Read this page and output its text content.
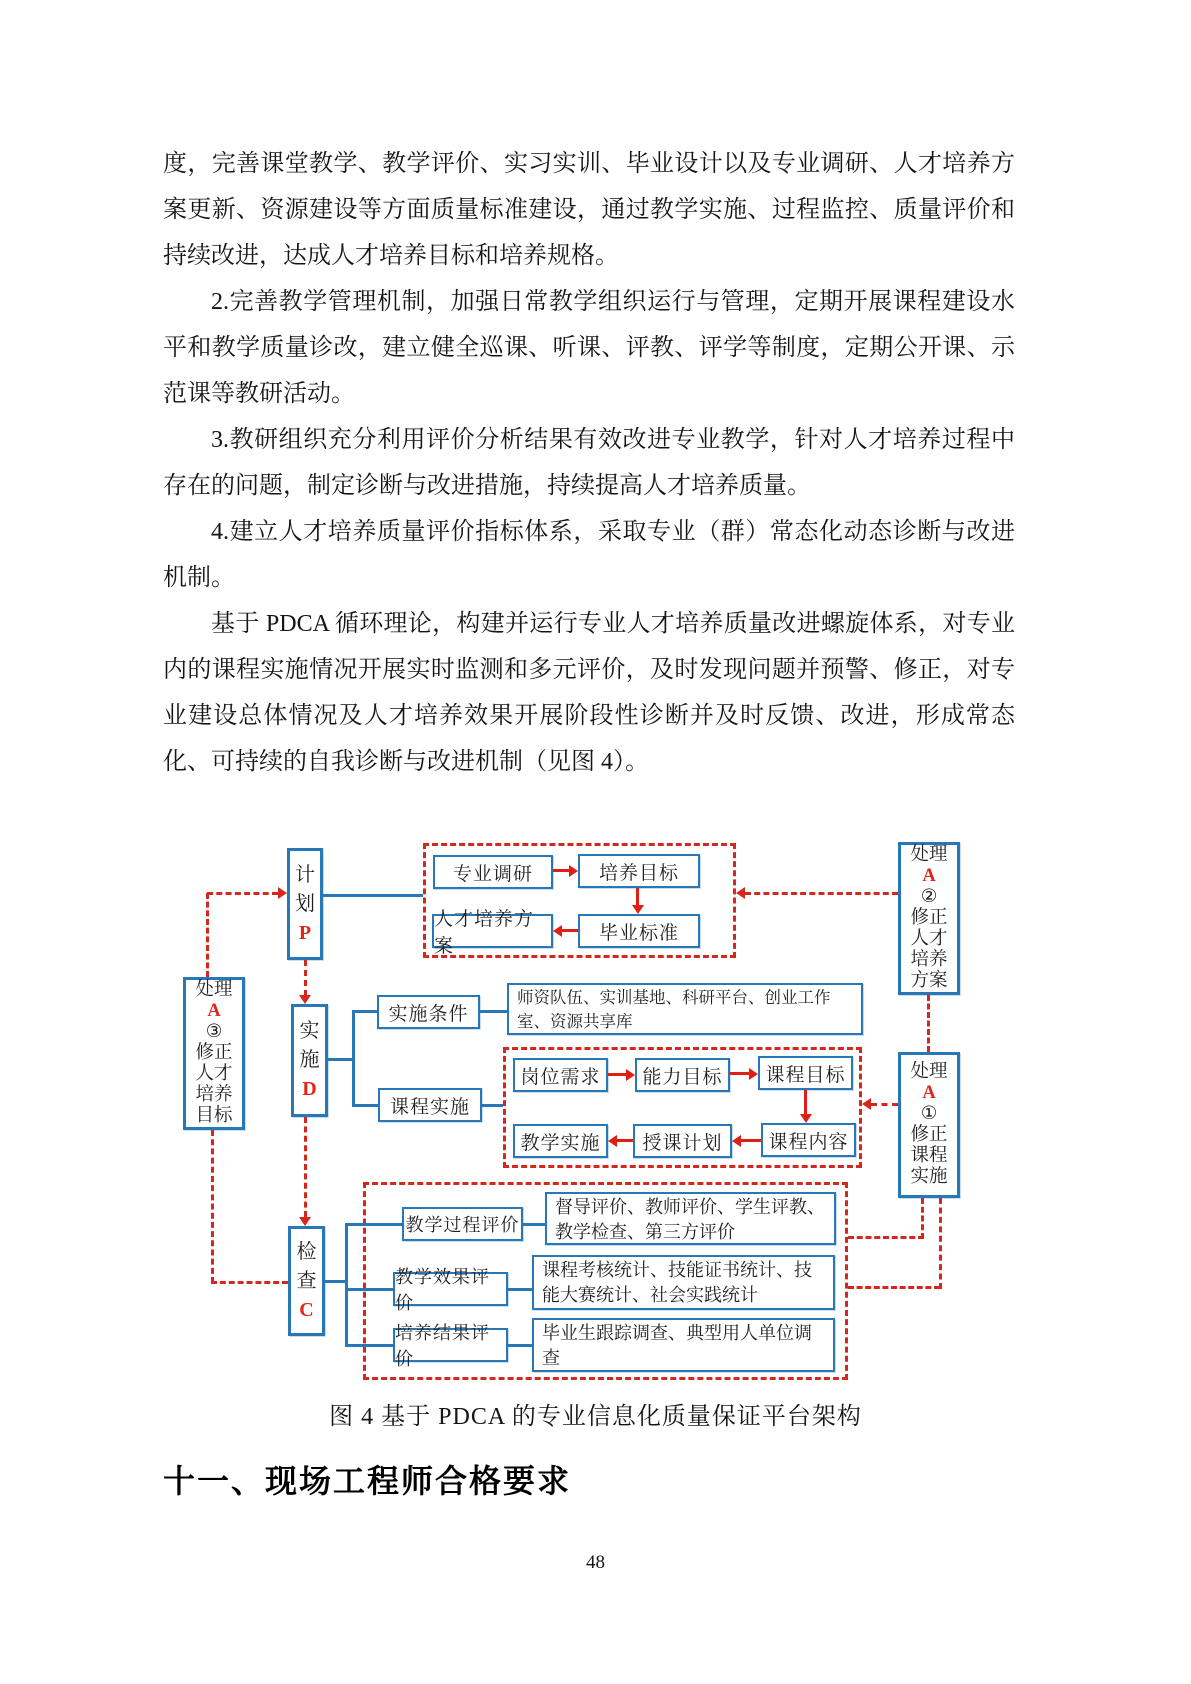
度，完善课堂教学、教学评价、实习实训、毕业设计以及专业调研、人才培养方案更新、资源建设等方面质量标准建设，通过教学实施、过程监控、质量评价和持续改进，达成人才培养目标和培养规格。

2.完善教学管理机制，加强日常教学组织运行与管理，定期开展课程建设水平和教学质量诊改，建立健全巡课、听课、评教、评学等制度，定期公开课、示范课等教研活动。

3.教研组织充分利用评价分析结果有效改进专业教学，针对人才培养过程中存在的问题，制定诊断与改进措施，持续提高人才培养质量。

4.建立人才培养质量评价指标体系，采取专业（群）常态化动态诊断与改进机制。

基于 PDCA 循环理论，构建并运行专业人才培养质量改进螺旋体系，对专业内的课程实施情况开展实时监测和多元评价，及时发现问题并预警、修正，对专业建设总体情况及人才培养效果开展阶段性诊断并及时反馈、改进，形成常态化、可持续的自我诊断与改进机制（见图 4）。

计划
P
实施
D
检查
C
处理
A
③
修正人才培养目标
处理
A
②
修正人才培养方案
处理
A
①
修正课程实施
专业调研	培养目标
人才培养方案
毕业标准
实施条件
师资队伍、实训基地、科研平台、创业工作室、资源共享库
课程实施
岗位需求	能力目标	课程目标
课程内容
授课计划
教学实施
教学过程评价
督导评价、教师评价、学生评教、教学检查、第三方评价
教学效果评价
课程考核统计、技能证书统计、技能大赛统计、社会实践统计
培养结果评价
毕业生跟踪调查、典型用人单位调查
图 4 基于 PDCA 的专业信息化质量保证平台架构
十一、现场工程师合格要求
48
